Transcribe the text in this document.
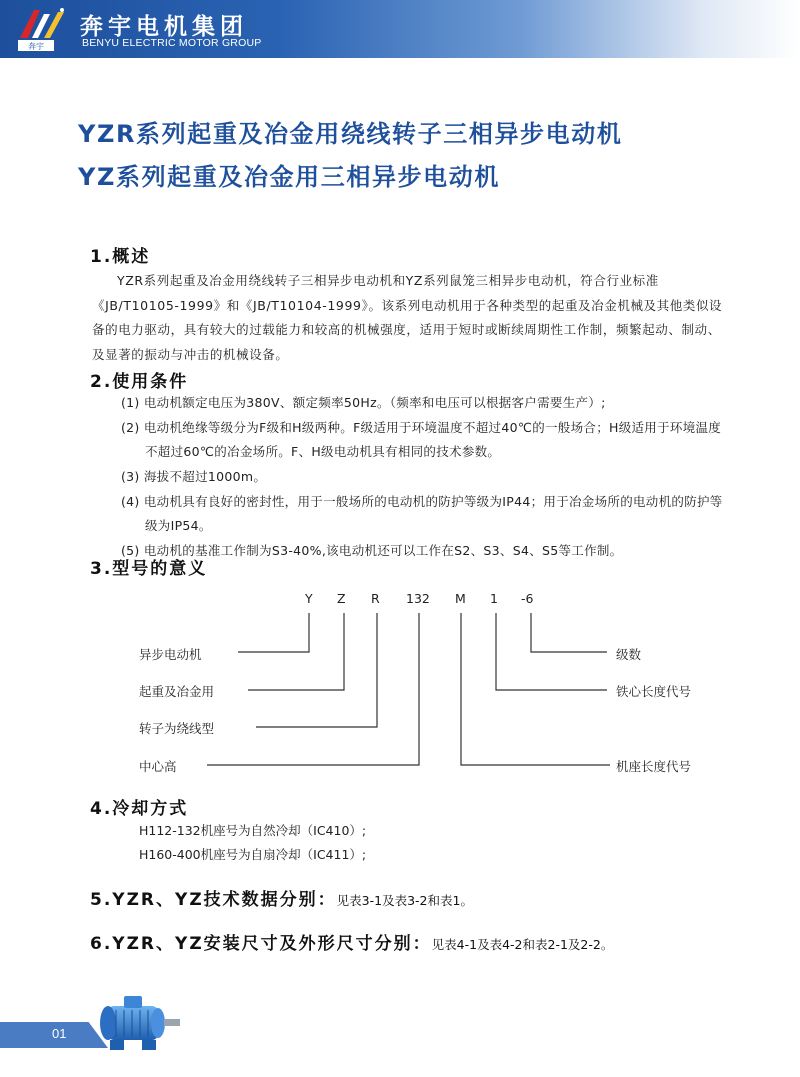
奔宇
奔宇电机集团
BENYU ELECTRIC MOTOR GROUP
YZR系列起重及冶金用绕线转子三相异步电动机
YZ系列起重及冶金用三相异步电动机
1.概述

YZR系列起重及冶金用绕线转子三相异步电动机和YZ系列鼠笼三相异步电动机，符合行业标准《JB/T10105-1999》和《JB/T10104-1999》。该系列电动机用于各种类型的起重及冶金机械及其他类似设备的电力驱动，具有较大的过载能力和较高的机械强度，适用于短时或断续周期性工作制，频繁起动、制动、及显著的振动与冲击的机械设备。

2.使用条件
(1) 电动机额定电压为380V、额定频率50Hz。（频率和电压可以根据客户需要生产）;
(2) 电动机绝缘等级分为F级和H级两种。F级适用于环境温度不超过40℃的一般场合；H级适用于环境温度不超过60℃的冶金场所。F、H级电动机具有相同的技术参数。
(3) 海拔不超过1000m。
(4) 电动机具有良好的密封性，用于一般场所的电动机的防护等级为IP44；用于冶金场所的电动机的防护等级为IP54。
(5) 电动机的基准工作制为S3-40%,该电动机还可以工作在S2、S3、S4、S5等工作制。
3.型号的意义
Y Z R 132 M 1 -6
异步电动机
起重及冶金用
转子为绕线型
中心高
级数
铁心长度代号
机座长度代号
4.冷却方式
H112-132机座号为自然冷却（IC410）;
H160-400机座号为自扇冷却（IC411）;
5.YZR、YZ技术数据分别：见表3-1及表3-2和表1。
6.YZR、YZ安装尺寸及外形尺寸分别：见表4-1及表4-2和表2-1及2-2。
01
